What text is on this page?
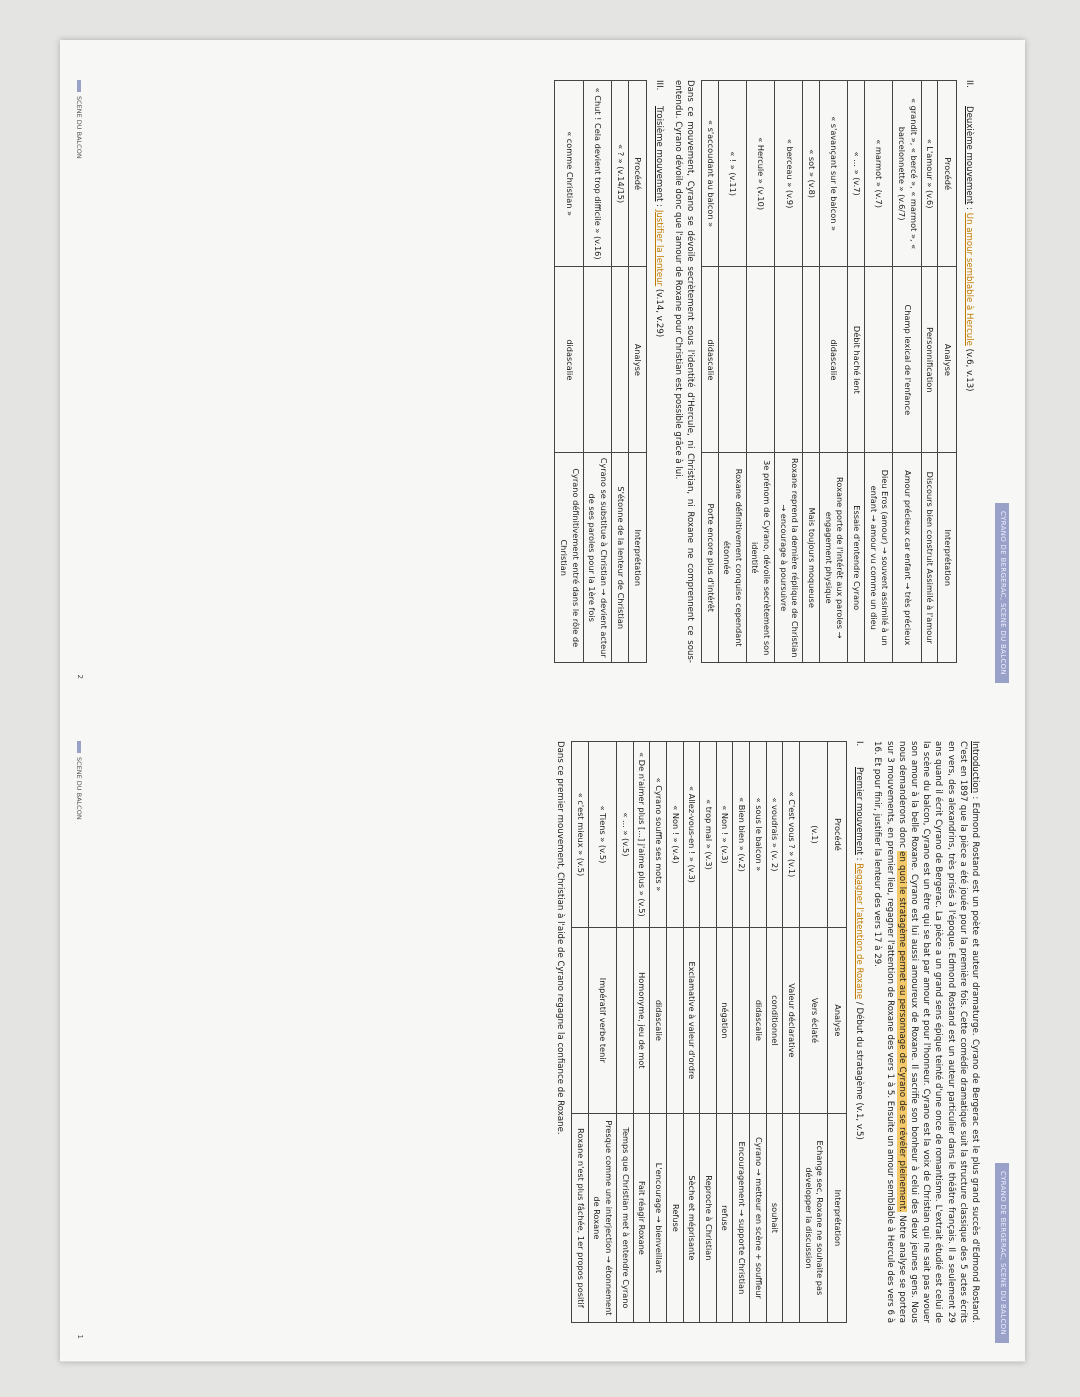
CYRANO DE BERGERAC, SCENE DU BALCON
II.Deuxième mouvement : Un amour semblable à Hercule (v.6, v.13)
Procédé	Analyse	Interprétation
« L'amour » (v.6)	Personnification	Discours bien construit Assimilé à l'amour
« grandit », « bercé », « marmot », « barcelonnette » (v.6/7)	Champ lexical de l'enfance	Amour précieux car enfant → très précieux
« marmot » (v.7)		Dieu Eros (amour) → souvent assimilé à un enfant → amour vu comme un dieu
« ... » (v.7)	Débit haché lent	Essaie d'entendre Cyrano
« s'avançant sur le balcon »	didascalie	Roxane porte de l'intérêt aux paroles → engagement physique
« sot » (v.8)		Mais toujours moqueuse
« berceau » (v.9)		Roxane reprend la dernière réplique de Christian → encourage à poursuivre
« Hercule » (v.10)		3e prénom de Cyrano, dévoile secrètement son identité
« ! » (v.11)		Roxane définitivement conquise cependant étonnée
« s'accoudant au balcon »	didascalie	Porte encore plus d'intérêt

Dans ce mouvement, Cyrano se dévoile secrètement sous l'identité d'Hercule, ni Christian, ni Roxane ne comprennent ce sous-entendu. Cyrano dévoile donc que l'amour de Roxane pour Christian est possible grâce à lui.

III.Troisième mouvement : Justifier la lenteur (v.14, v.29)
Procédé	Analyse	Interprétation
« ? » (v.14/15)		S'étonne de la lenteur de Christian
« Chut ! Cela devient trop difficile » (v.16)		Cyrano se substitue à Christian → devient acteur de ses paroles pour la 1ère fois
« comme Christian »	didascalie	Cyrano définitivement entré dans le rôle de Christian
SCENE DU BALCON
2
CYRANO DE BERGERAC, SCENE DU BALCON

Introduction : Edmond Rostand est un poète et auteur dramaturge. Cyrano de Bergerac est le plus grand succès d'Edmond Rostand. C'est en 1897 que la pièce a été jouée pour la première fois. Cette comédie dramatique suit la structure classique des 5 actes écrits en vers, des alexandrins, très prisés à l'époque. Edmond Rostand est un auteur particulier dans le théâtre français. Il a seulement 29 ans quand il écrit Cyrano de Bergerac. La pièce a un grand sens épique teinté d'une once de romantisme. L'extrait étudié est celui de la scène du balcon, Cyrano est un être qui se bat par amour et pour l'honneur. Cyrano est la voix de Christian qui ne sait pas avouer son amour à la belle Roxane. Cyrano est lui aussi amoureux de Roxane. Il sacrifie son bonheur à celui des deux jeunes gens. Nous nous demanderons donc en quoi le stratagème permet au personnage de Cyrano de se révéler pleinement. Notre analyse se portera sur 3 mouvements, en premier lieu, regagner l'attention de Roxane des vers 1 à 5. Ensuite un amour semblable à Hercule des vers 6 à 16. Et pour finir, justifier la lenteur des vers 17 à 29.

I.Premier mouvement : Regagner l'attention de Roxane / Début du stratagème (v.1, v.5)
Procédé	Analyse	Interprétation
(v.1)	Vers éclaté	Echange sec, Roxane ne souhaite pas développer la discussion
« C'est vous ? » (v.1)	Valeur déclarative	
« voudrais » (v. 2)	conditionnel	souhait
« sous le balcon »	didascalie	Cyrano → metteur en scène + souffleur
« Bien bien » (v.2)		Encouragement → supporte Christian
« Non ! » (v.3)	négation	refuse
« trop mal » (v.3)		Reproche à Christian
« Allez-vous-en ! » (v.3)	Exclamative à valeur d'ordre	Sèche et méprisante
« Non ! » (v.4)		Refuse
« Cyrano souffle ses mots »	didascalie	L'encourage → bienveillant
« De n'aimer plus [...] j'aime plus » (v.5)	Homonyme, jeu de mot	Fait réagir Roxane
« ... » (v.5)		Temps que Christian met à entendre Cyrano
« Tiens » (v.5)	Impératif verbe tenir	Presque comme une interjection → étonnement de Roxane
« c'est mieux » (v.5)		Roxane n'est plus fâchée, 1er propos positif

Dans ce premier mouvement, Christian à l'aide de Cyrano regagne la confiance de Roxane.

SCENE DU BALCON
1
